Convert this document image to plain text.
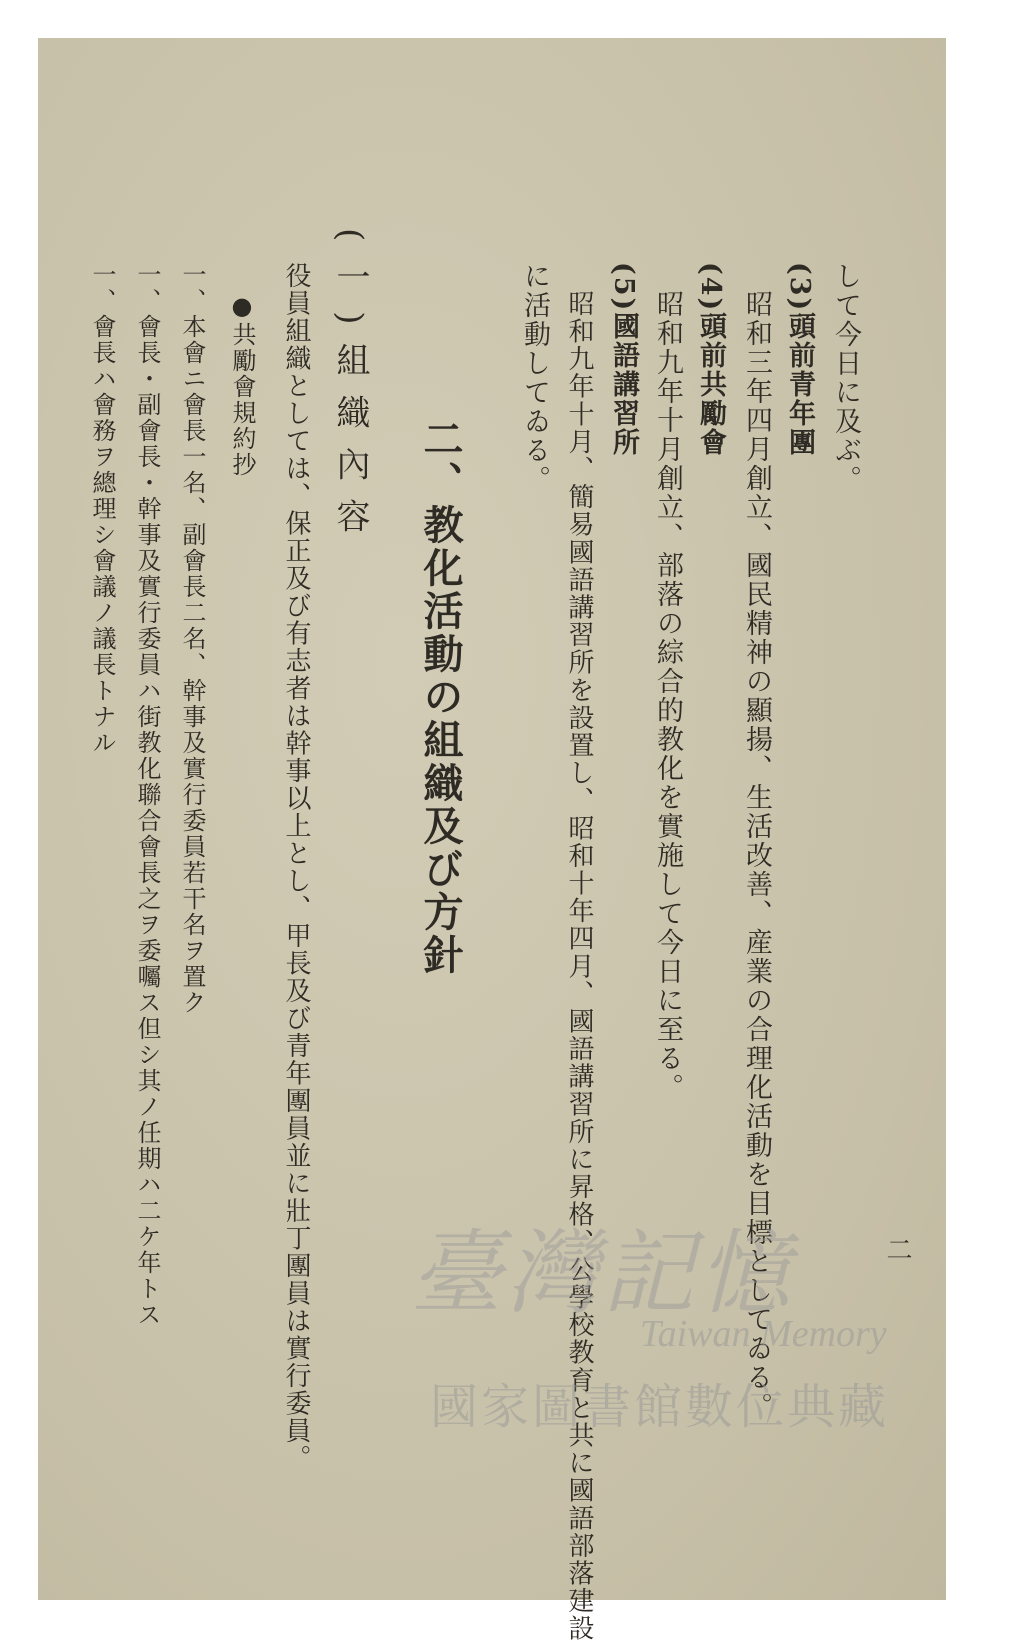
二
して今日に及ぶ。
(3)頭前青年團
昭和三年四月創立、國民精神の顯揚、生活改善、産業の合理化活動を目標としてゐる。
(4)頭前共勵會
昭和九年十月創立、部落の綜合的教化を實施して今日に至る。
(5)國語講習所
昭和九年十月、簡易國語講習所を設置し、昭和十年四月、國語講習所に昇格、公學校教育と共に國語部落建設
に活動してゐる。
二、教化活動の組織及び方針
(一)組織內容
役員組織としては、保正及び有志者は幹事以上とし、甲長及び青年團員並に壯丁團員は實行委員。
●共勵會規約抄
一、本會ニ會長一名、副會長二名、幹事及實行委員若干名ヲ置ク
一、會長・副會長・幹事及實行委員ハ街教化聯合會長之ヲ委囑ス但シ其ノ任期ハ二ケ年トス
一、會長ハ會務ヲ總理シ會議ノ議長トナル
臺灣記憶
Taiwan Memory
國家圖書館數位典藏
